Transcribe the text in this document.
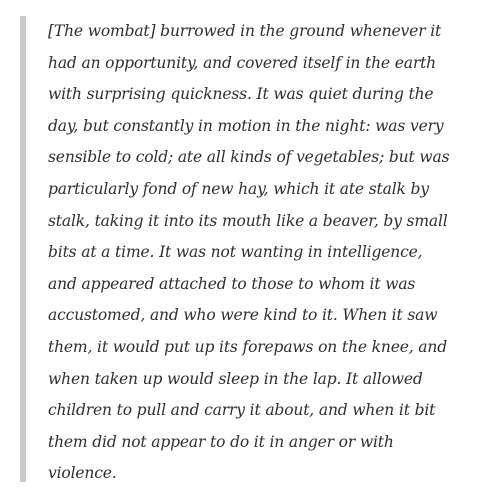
[The wombat] burrowed in the ground whenever it
had an opportunity, and covered itself in the earth
with surprising quickness. It was quiet during the
day, but constantly in motion in the night: was very
sensible to cold; ate all kinds of vegetables; but was
particularly fond of new hay, which it ate stalk by
stalk, taking it into its mouth like a beaver, by small
bits at a time. It was not wanting in intelligence,
and appeared attached to those to whom it was
accustomed, and who were kind to it. When it saw
them, it would put up its forepaws on the knee, and
when taken up would sleep in the lap. It allowed
children to pull and carry it about, and when it bit
them did not appear to do it in anger or with
violence.
